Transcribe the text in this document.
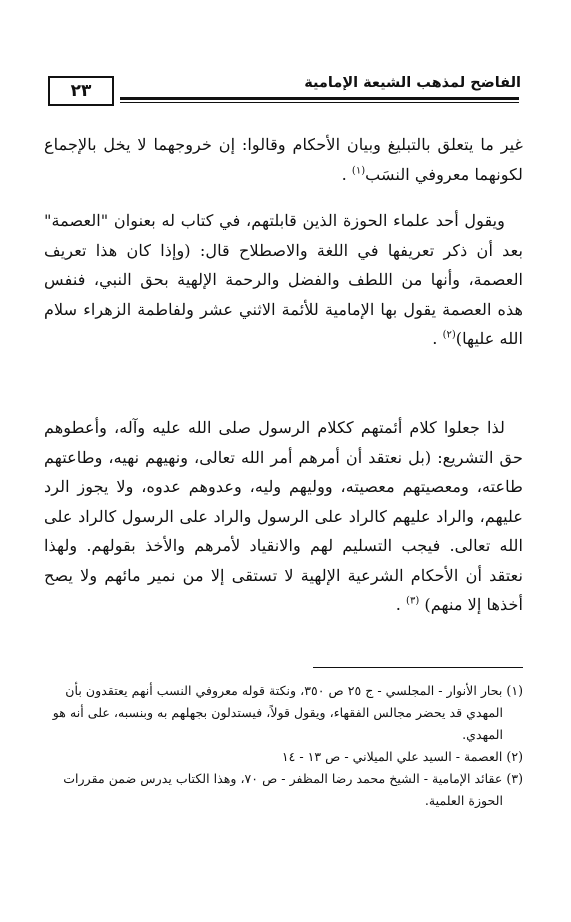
الفاضح لمذهب الشيعة الإمامية
٢٣
غير ما يتعلق بالتبليغ وبيان الأحكام وقالوا: إن خروجهما لا يخل بالإجماع لكونهما معروفي النسَب$^{(١)}$ .
ويقول أحد علماء الحوزة الذين قابلتهم، في كتاب له بعنوان "العصمة" بعد أن ذكر تعريفها في اللغة والاصطلاح قال: (وإذا كان هذا تعريف العصمة، وأنها من اللطف والفضل والرحمة الإلهية بحق النبي، فنفس هذه العصمة يقول بها الإمامية للأئمة الاثني عشر ولفاطمة الزهراء سلام الله عليها)$^{(٢)}$ .
لذا جعلوا كلام أئمتهم ككلام الرسول صلى الله عليه وآله، وأعطوهم حق التشريع: (بل نعتقد أن أمرهم أمر الله تعالى، ونهيهم نهيه، وطاعتهم طاعته، ومعصيتهم معصيته، ووليهم وليه، وعدوهم عدوه، ولا يجوز الرد عليهم، والراد عليهم كالراد على الرسول والراد على الرسول كالراد على الله تعالى. فيجب التسليم لهم والانقياد لأمرهم والأخذ بقولهم. ولهذا نعتقد أن الأحكام الشرعية الإلهية لا تستقى إلا من نمير مائهم ولا يصح أخذها إلا منهم) $^{(٣)}$ .

(١) بحار الأنوار - المجلسي - ج ٢٥ ص ٣٥٠، ونكتة قوله معروفي النسب أنهم يعتقدون بأن المهدي قد يحضر مجالس الفقهاء، ويقول قولاً، فيستدلون بجهلهم به وبنسبه، على أنه هو المهدي.

(٢) العصمة - السيد علي الميلاني - ص ١٣ - ١٤

(٣) عقائد الإمامية - الشيخ محمد رضا المظفر - ص ٧٠، وهذا الكتاب يدرس ضمن مقررات الحوزة العلمية.
